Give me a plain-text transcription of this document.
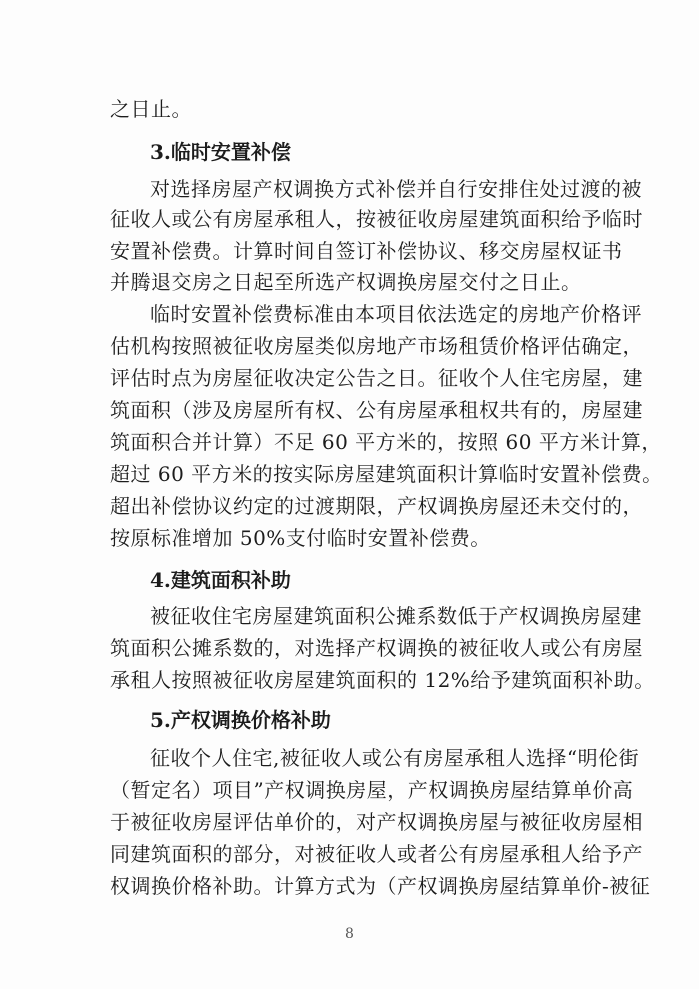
之日止。
3.临时安置补偿
对选择房屋产权调换方式补偿并自行安排住处过渡的被
征收人或公有房屋承租人，按被征收房屋建筑面积给予临时
安置补偿费。计算时间自签订补偿协议、移交房屋权证书
并腾退交房之日起至所选产权调换房屋交付之日止。
临时安置补偿费标准由本项目依法选定的房地产价格评
估机构按照被征收房屋类似房地产市场租赁价格评估确定，
评估时点为房屋征收决定公告之日。征收个人住宅房屋，建
筑面积（涉及房屋所有权、公有房屋承租权共有的，房屋建
筑面积合并计算）不足 60 平方米的，按照 60 平方米计算，
超过 60 平方米的按实际房屋建筑面积计算临时安置补偿费。
超出补偿协议约定的过渡期限，产权调换房屋还未交付的，
按原标准增加 50%支付临时安置补偿费。
4.建筑面积补助
被征收住宅房屋建筑面积公摊系数低于产权调换房屋建
筑面积公摊系数的，对选择产权调换的被征收人或公有房屋
承租人按照被征收房屋建筑面积的 12%给予建筑面积补助。
5.产权调换价格补助
征收个人住宅,被征收人或公有房屋承租人选择“明伦街
（暂定名）项目”产权调换房屋，产权调换房屋结算单价高
于被征收房屋评估单价的，对产权调换房屋与被征收房屋相
同建筑面积的部分，对被征收人或者公有房屋承租人给予产
权调换价格补助。计算方式为（产权调换房屋结算单价-被征
8
